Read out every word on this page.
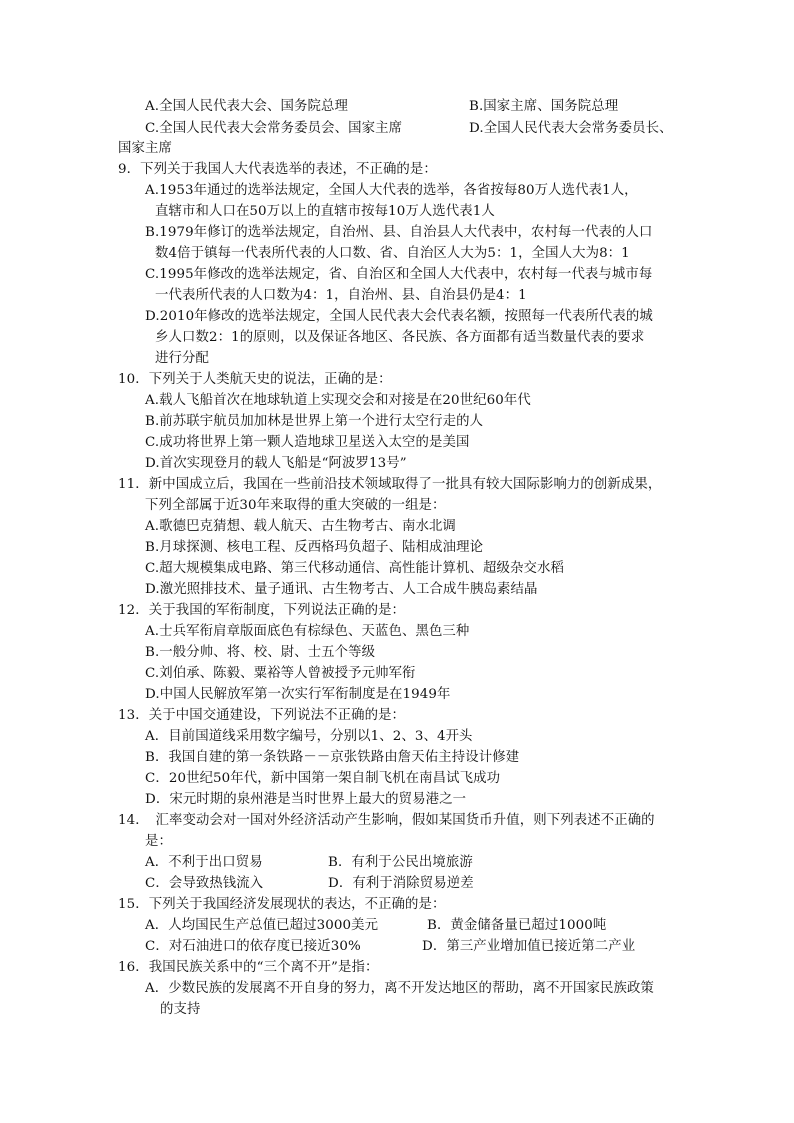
A.全国人民代表大会、国务院总理	B.国家主席、国务院总理
C.全国人民代表大会常务委员会、国家主席	D.全国人民代表大会常务委员长、
国家主席
9．下列关于我国人大代表选举的表述，不正确的是：
A.1953年通过的选举法规定，全国人大代表的选举，各省按每80万人选代表1人，
直辖市和人口在50万以上的直辖市按每10万人选代表1人
B.1979年修订的选举法规定，自治州、县、自治县人大代表中，农村每一代表的人口
数4倍于镇每一代表所代表的人口数、省、自治区人大为5：1，全国人大为8：1
C.1995年修改的选举法规定，省、自治区和全国人大代表中，农村每一代表与城市每
一代表所代表的人口数为4：1，自治州、县、自治县仍是4：1
D.2010年修改的选举法规定，全国人民代表大会代表名额，按照每一代表所代表的城
乡人口数2：1的原则，以及保证各地区、各民族、各方面都有适当数量代表的要求
进行分配
10．下列关于人类航天史的说法，正确的是：
A.载人飞船首次在地球轨道上实现交会和对接是在20世纪60年代
B.前苏联宇航员加加林是世界上第一个进行太空行走的人
C.成功将世界上第一颗人造地球卫星送入太空的是美国
D.首次实现登月的载人飞船是“阿波罗13号”
11．新中国成立后，我国在一些前沿技术领域取得了一批具有较大国际影响力的创新成果，
下列全部属于近30年来取得的重大突破的一组是：
A.歌德巴克猜想、载人航天、古生物考古、南水北调
B.月球探测、核电工程、反西格玛负超子、陆相成油理论
C.超大规模集成电路、第三代移动通信、高性能计算机、超级杂交水稻
D.激光照排技术、量子通讯、古生物考古、人工合成牛胰岛素结晶
12．关于我国的军衔制度，下列说法正确的是：
A.士兵军衔肩章版面底色有棕绿色、天蓝色、黑色三种
B.一般分帅、将、校、尉、士五个等级
C.刘伯承、陈毅、粟裕等人曾被授予元帅军衔
D.中国人民解放军第一次实行军衔制度是在1949年
13．关于中国交通建设，下列说法不正确的是：
A．目前国道线采用数字编号，分别以1、2、3、4开头
B．我国自建的第一条铁路－－京张铁路由詹天佑主持设计修建
C．20世纪50年代，新中国第一架自制飞机在南昌试飞成功
D．宋元时期的泉州港是当时世界上最大的贸易港之一
14．　汇率变动会对一国对外经济活动产生影响，假如某国货币升值，则下列表述不正确的
是：
A．不利于出口贸易	B．有利于公民出境旅游
C．会导致热钱流入	D．有利于消除贸易逆差
15．下列关于我国经济发展现状的表达，不正确的是：
A．人均国民生产总值已超过3000美元	B．黄金储备量已超过1000吨
C．对石油进口的依存度已接近30%	D．第三产业增加值已接近第二产业
16．我国民族关系中的“三个离不开”是指：
A．少数民族的发展离不开自身的努力，离不开发达地区的帮助，离不开国家民族政策
的支持
